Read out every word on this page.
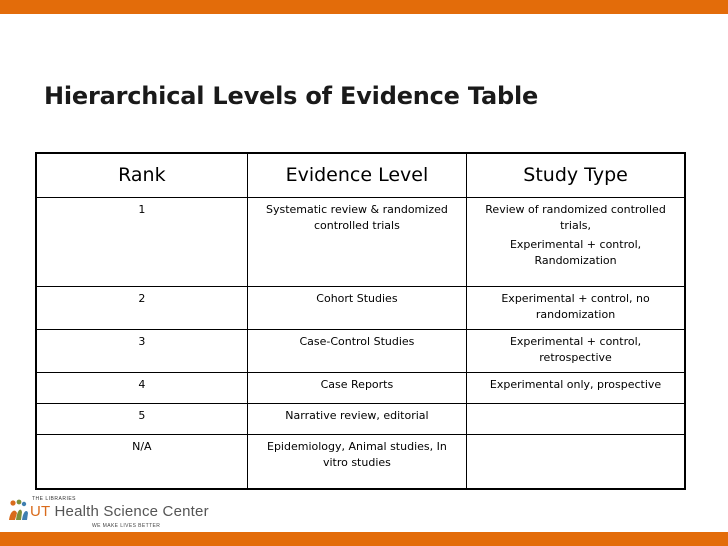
Hierarchical Levels of Evidence Table
Rank	Evidence Level	Study Type
1	Systematic review & randomized controlled trials	Review of randomized controlled trials,
Experimental + control, Randomization

2	Cohort Studies	Experimental + control, no randomization
3	Case-Control Studies	Experimental + control, retrospective
4	Case Reports	Experimental only, prospective
5	Narrative review, editorial	
N/A	Epidemiology, Animal studies, In vitro studies	
THE LIBRARIES
UT Health Science Center
WE MAKE LIVES BETTER
